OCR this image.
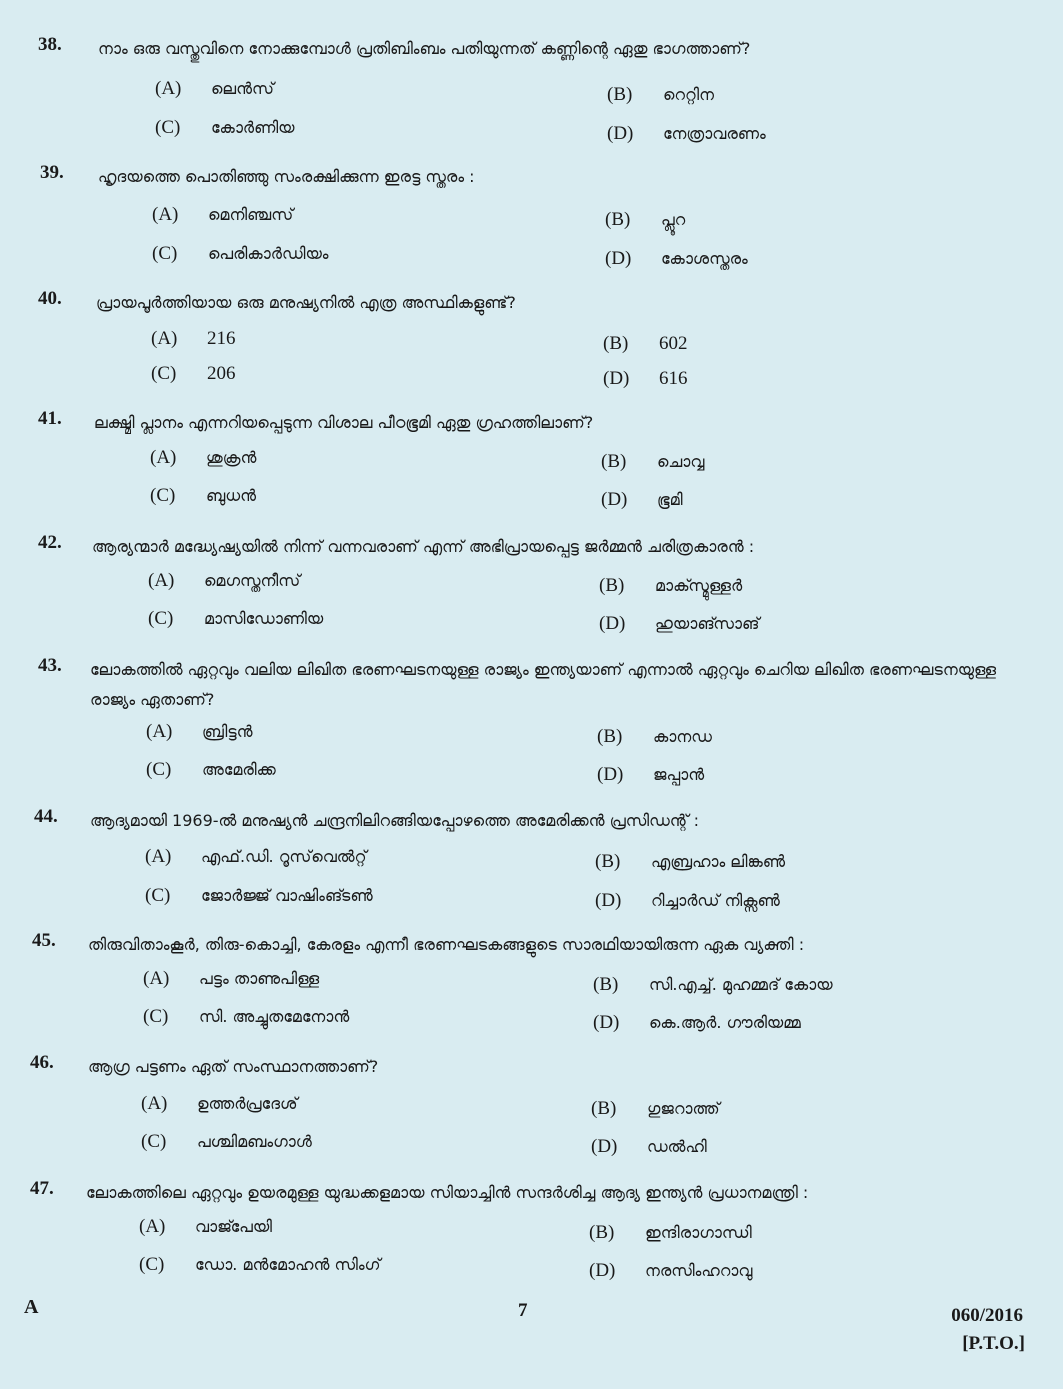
38.	നാം ഒരു വസ്തുവിനെ നോക്കുമ്പോൾ പ്രതിബിംബം പതിയുന്നത് കണ്ണിന്റെ ഏതു ഭാഗത്താണ്?
(A) ലെൻസ്	(B) റെറ്റിന
(C) കോർണിയ	(D) നേത്രാവരണം
39.	ഹൃദയത്തെ പൊതിഞ്ഞു സംരക്ഷിക്കുന്ന ഇരട്ട സ്തരം :
(A) മെനിഞ്ചസ്	(B) പ്ലൂറ
(C) പെരികാർഡിയം	(D) കോശസ്തരം
40.	പ്രായപൂർത്തിയായ ഒരു മനുഷ്യനിൽ എത്ര അസ്ഥികളുണ്ട്?
(A) 216	(B) 602
(C) 206	(D) 616
41.	ലക്ഷ്മി പ്ലാനം എന്നറിയപ്പെടുന്ന വിശാല പീഠഭൂമി ഏതു ഗ്രഹത്തിലാണ്?
(A) ശുക്രൻ	(B) ചൊവ്വ
(C) ബുധൻ	(D) ഭൂമി
42.	ആര്യന്മാർ മദ്ധ്യേഷ്യയിൽ നിന്ന് വന്നവരാണ് എന്ന് അഭിപ്രായപ്പെട്ട ജർമ്മൻ ചരിത്രകാരൻ :
(A) മെഗസ്തനീസ്	(B) മാക്സ്മുള്ളർ
(C) മാസിഡോണിയ	(D) ഹുയാങ്സാങ്
43.	ലോകത്തിൽ ഏറ്റവും വലിയ ലിഖിത ഭരണഘടനയുള്ള രാജ്യം ഇന്ത്യയാണ് എന്നാൽ ഏറ്റവും ചെറിയ ലിഖിത ഭരണഘടനയുള്ള രാജ്യം ഏതാണ്?
(A) ബ്രിട്ടൻ	(B) കാനഡ
(C) അമേരിക്ക	(D) ജപ്പാൻ
44.	ആദ്യമായി 1969-ൽ മനുഷ്യൻ ചന്ദ്രനിലിറങ്ങിയപ്പോഴത്തെ അമേരിക്കൻ പ്രസിഡന്റ് :
(A) എഫ്.ഡി. റൂസ്‌വെൽറ്റ്	(B) എബ്രഹാം ലിങ്കൺ
(C) ജോർജ്ജ് വാഷിംങ്ടൺ	(D) റിച്ചാർഡ് നിക്സൺ
45.	തിരുവിതാംകൂർ, തിരു-കൊച്ചി, കേരളം എന്നീ ഭരണഘടകങ്ങളുടെ സാരഥിയായിരുന്ന ഏക വ്യക്തി :
(A) പട്ടം താണുപിള്ള	(B) സി.എച്ച്. മുഹമ്മദ് കോയ
(C) സി. അച്ചുതമേനോൻ	(D) കെ.ആർ. ഗൗരിയമ്മ
46.	ആഗ്ര പട്ടണം ഏത് സംസ്ഥാനത്താണ്?
(A) ഉത്തർപ്രദേശ്	(B) ഗുജറാത്ത്
(C) പശ്ചിമബംഗാൾ	(D) ഡൽഹി
47.	ലോകത്തിലെ ഏറ്റവും ഉയരമുള്ള യുദ്ധക്കളമായ സിയാച്ചിൻ സന്ദർശിച്ച ആദ്യ ഇന്ത്യൻ പ്രധാനമന്ത്രി :
(A) വാജ്പേയി	(B) ഇന്ദിരാഗാന്ധി
(C) ഡോ. മൻമോഹൻ സിംഗ്	(D) നരസിംഹറാവു
A	7	060/2016
[P.T.O.]
